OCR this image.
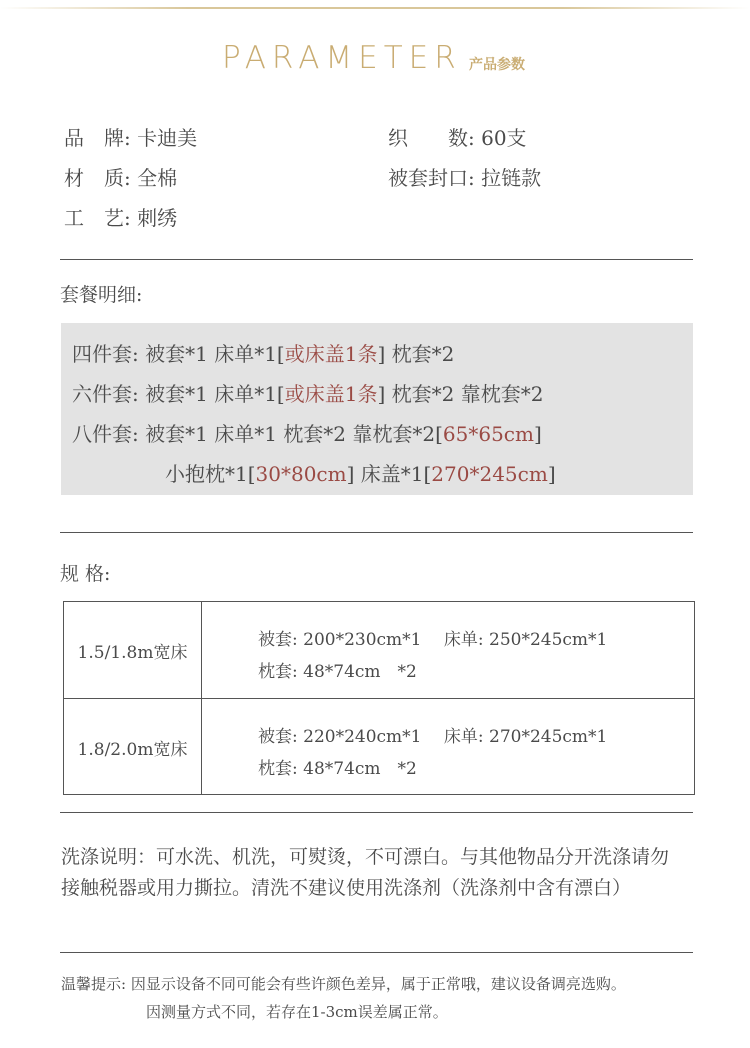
PARAMETER 产品参数
品　牌: 卡迪美
材　质: 全棉
工　艺: 刺绣
织　　数: 60支
被套封口: 拉链款
套餐明细:
四件套: 被套*1 床单*1[或床盖1条] 枕套*2
六件套: 被套*1 床单*1[或床盖1条] 枕套*2 靠枕套*2
八件套: 被套*1 床单*1 枕套*2 靠枕套*2[65*65cm]
小抱枕*1[30*80cm] 床盖*1[270*245cm]
规 格:
1.5/1.8m宽床
被套: 200*230cm*1　 床单: 250*245cm*1
枕套: 48*74cm　*2
1.8/2.0m宽床
被套: 220*240cm*1　 床单: 270*245cm*1
枕套: 48*74cm　*2
洗涤说明：可水洗、机洗，可熨烫，不可漂白。与其他物品分开洗涤请勿接触税器或用力撕拉。清洗不建议使用洗涤剂（洗涤剂中含有漂白）
温馨提示: 因显示设备不同可能会有些许颜色差异，属于正常哦，建议设备调亮选购。
因测量方式不同，若存在1-3cm误差属正常。
